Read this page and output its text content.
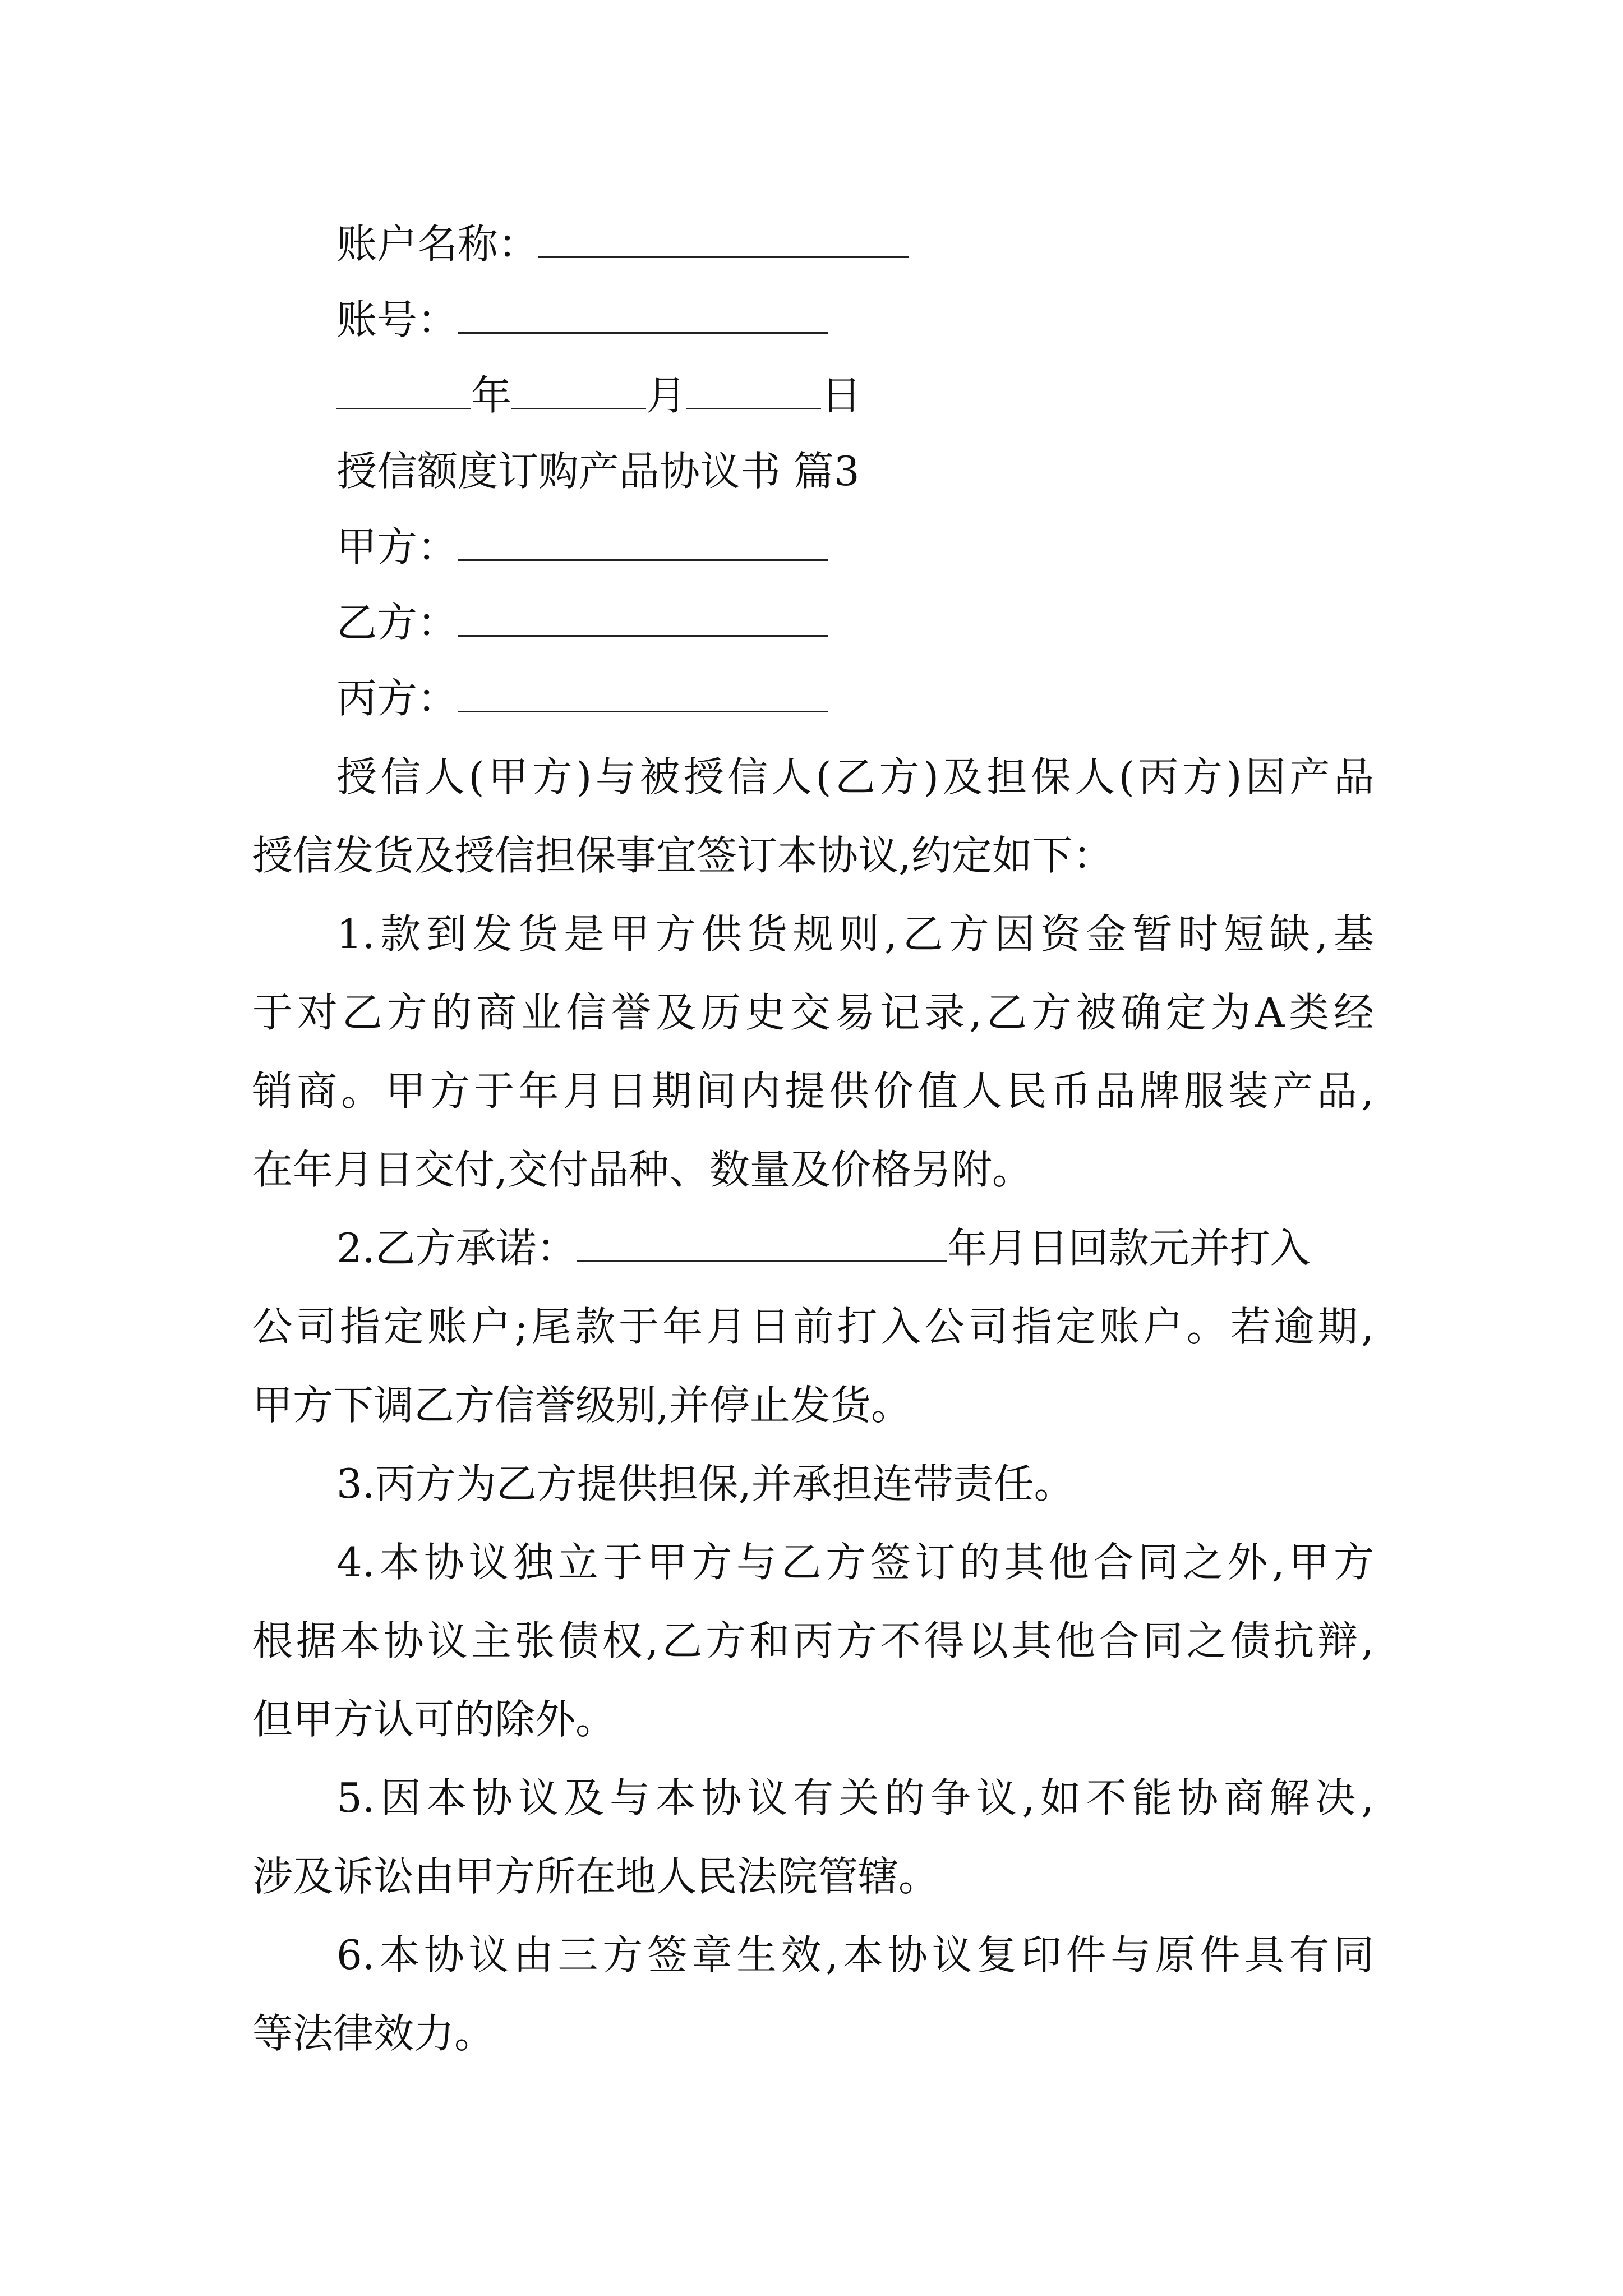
账户名称：
账号：
年	月	日
授信额度订购产品协议书 篇3
甲方：
乙方：
丙方：
授信人(甲方)与被授信人(乙方)及担保人(丙方)因产品
授信发货及授信担保事宜签订本协议,约定如下：
1.款到发货是甲方供货规则,乙方因资金暂时短缺,基
于对乙方的商业信誉及历史交易记录,乙方被确定为A类经
销商。甲方于年月日期间内提供价值人民币品牌服装产品,
在年月日交付,交付品种、数量及价格另附。
2.乙方承诺：	年月日回款元并打入
公司指定账户;尾款于年月日前打入公司指定账户。若逾期,
甲方下调乙方信誉级别,并停止发货。
3.丙方为乙方提供担保,并承担连带责任。
4.本协议独立于甲方与乙方签订的其他合同之外,甲方
根据本协议主张债权,乙方和丙方不得以其他合同之债抗辩,
但甲方认可的除外。
5.因本协议及与本协议有关的争议,如不能协商解决,
涉及诉讼由甲方所在地人民法院管辖。
6.本协议由三方签章生效,本协议复印件与原件具有同
等法律效力。
